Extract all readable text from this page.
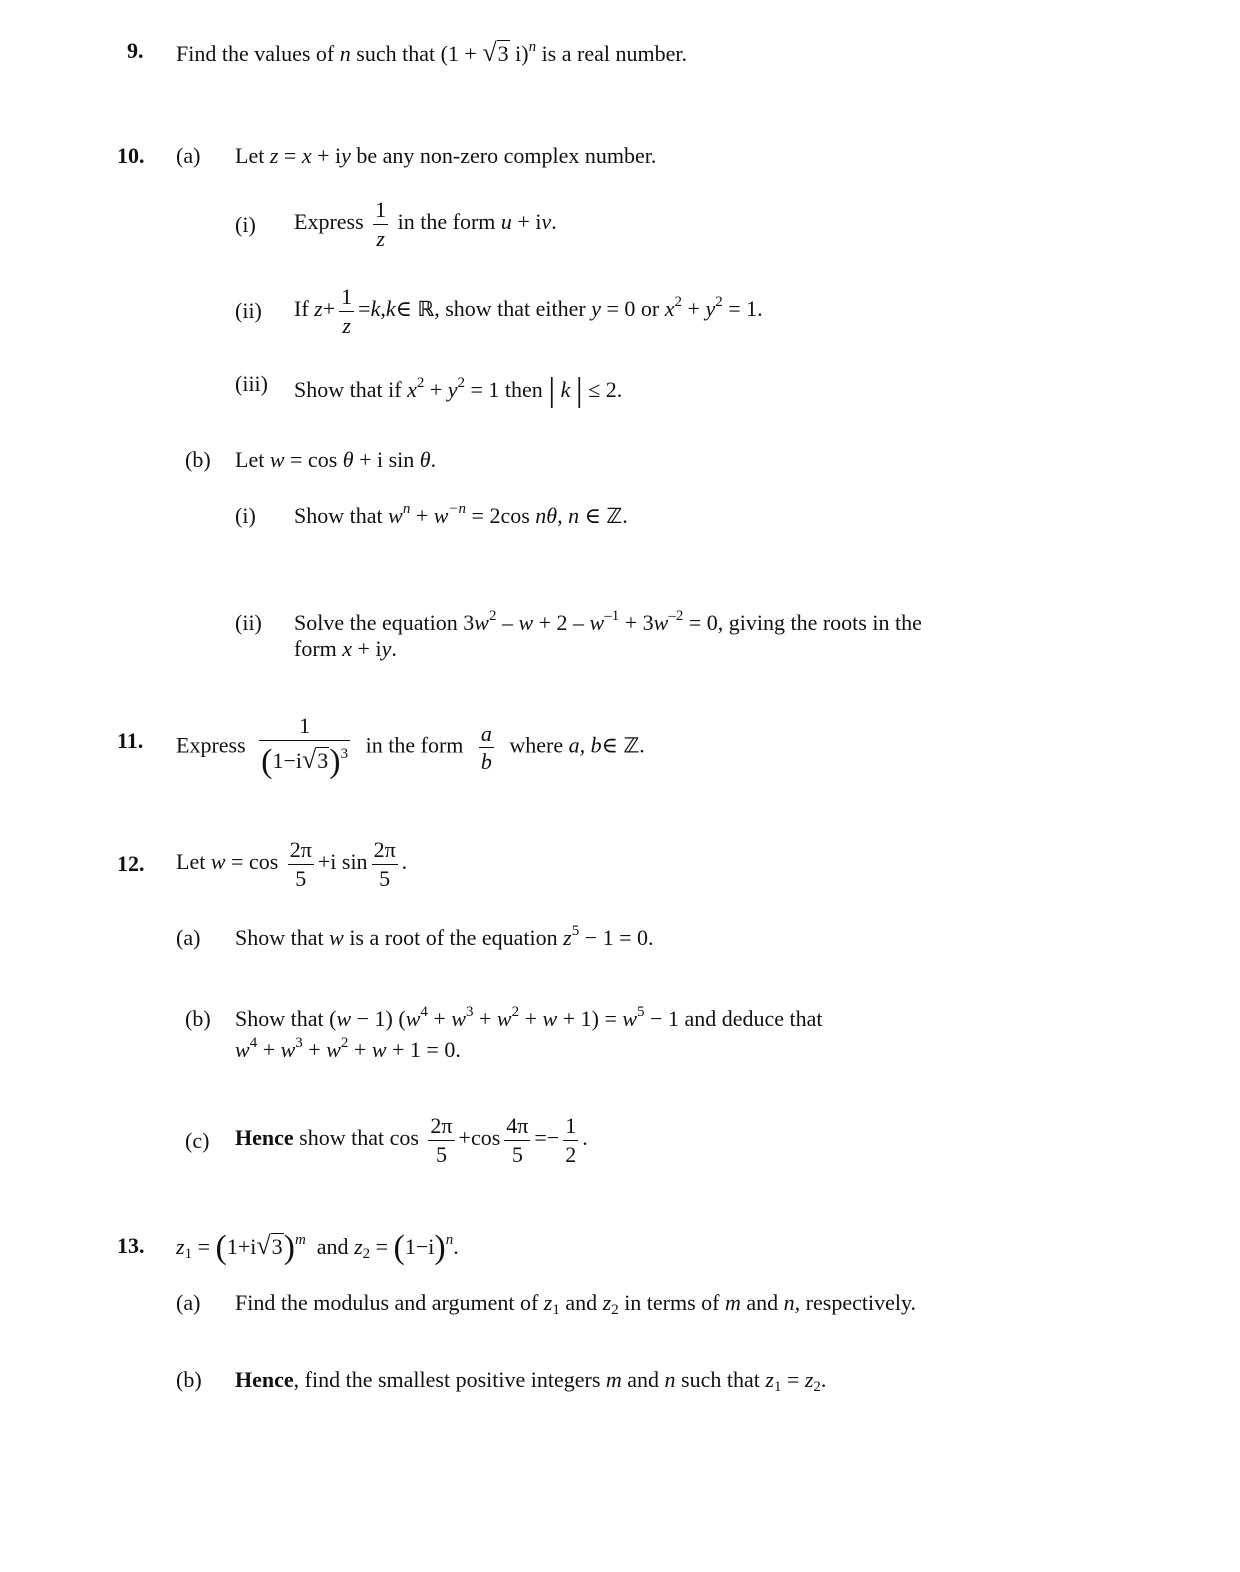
9. Find the values of n such that (1 + √3 i)$^n$ is a real number.
10. (a) Let z = x + iy be any non-zero complex number.
(i) Express $\frac{1}{z}$ in the form u + iv.
(ii) If $z+ \frac{1}{z}$ =k,k∈ ℝ, show that either y = 0 or $x^2 + y^2 = 1$.
(iii) Show that if $x^2 + y^2 = 1$ then | k | ≤ 2.
(b) Let w = cos θ + i sin θ.
(i) Show that $w^n + w^{-n} = 2\cos$ nθ, n ∈ ℤ.
(ii) Solve the equation $3w^2 - w + 2 - w^{-1} + 3w^{-2} = 0$, giving the roots in the
form x + iy.
11. Express $\frac{1}{(1-i√3)^3}$ in the form $\frac{a}{b}$ where a, b∈ ℤ.
12. Let $w = \cos \frac{2\pi}{5} +i$ $\sin \frac{2\pi}{5}$ .
(a) Show that w is a root of the equation $z^5 - 1 = 0$.
(b) Show that (w − 1) $(w^4 + w^3 + w^2 + w + 1) = w^5 - 1$ and deduce that
$w^4 + w^3 + w^2 + w + 1 = 0$.
(c) Hence show that $\cos \frac{2\pi}{5} +\cos \frac{4\pi}{5} =- \frac{1}{2}$ .
13. $z_1 = (1+i√3)^m$ and $z_2 = (1-i)^n$.
(a) Find the modulus and argument of $z_1$ and $z_2$ in terms of m and n, respectively.
(b) Hence, find the smallest positive integers m and n such that $z_1 = z_2$.
